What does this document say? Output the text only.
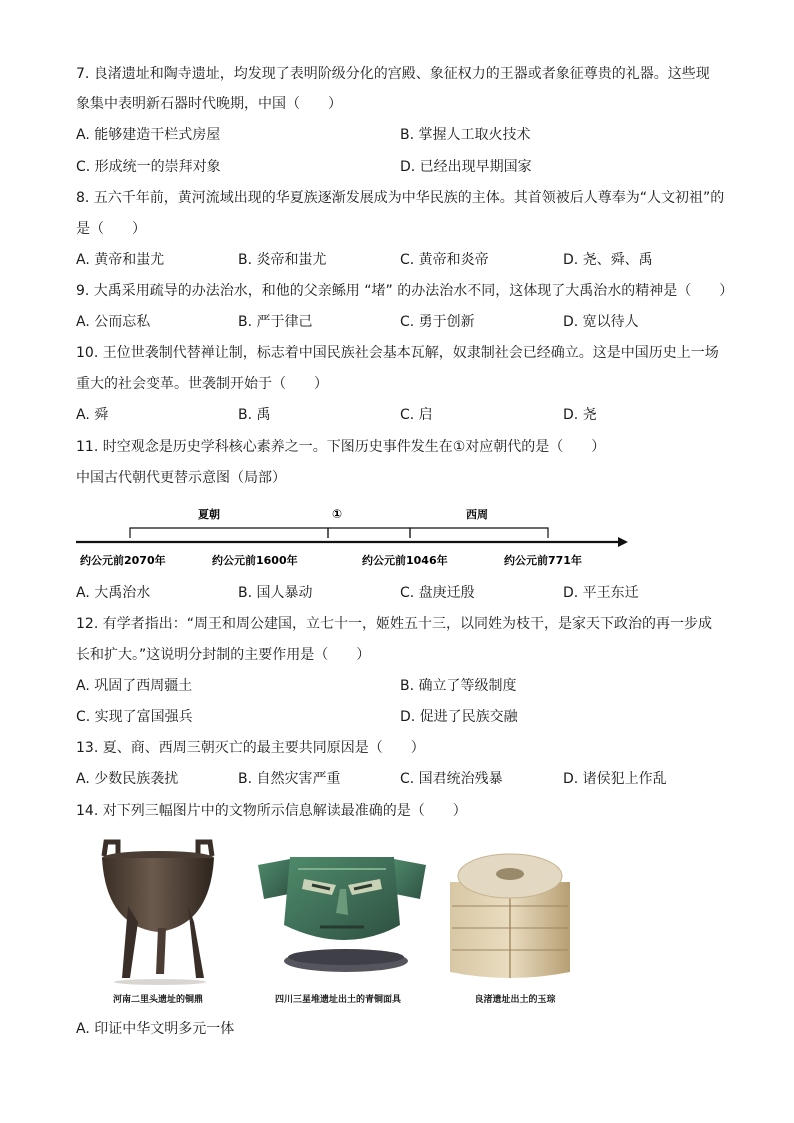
7. 良渚遗址和陶寺遗址，均发现了表明阶级分化的宫殿、象征权力的王器或者象征尊贵的礼器。这些现
象集中表明新石器时代晚期，中国（　　）
A. 能够建造干栏式房屋	B. 掌握人工取火技术
C. 形成统一的崇拜对象	D. 已经出现早期国家
8. 五六千年前，黄河流域出现的华夏族逐渐发展成为中华民族的主体。其首领被后人尊奉为“人文初祖”的
是（　　）
A. 黄帝和蚩尤	B. 炎帝和蚩尤	C. 黄帝和炎帝	D. 尧、舜、禹
9. 大禹采用疏导的办法治水，和他的父亲鲧用 “堵” 的办法治水不同，这体现了大禹治水的精神是（　　）
A. 公而忘私	B. 严于律己	C. 勇于创新	D. 宽以待人
10. 王位世袭制代替禅让制，标志着中国民族社会基本瓦解，奴隶制社会已经确立。这是中国历史上一场
重大的社会变革。世袭制开始于（　　）
A. 舜	B. 禹	C. 启	D. 尧
11. 时空观念是历史学科核心素养之一。下图历史事件发生在①对应朝代的是（　　）
中国古代朝代更替示意图（局部）
夏朝	①	西周
约公元前2070年	约公元前1600年	约公元前1046年	约公元前771年
A. 大禹治水	B. 国人暴动	C. 盘庚迁殷	D. 平王东迁
12. 有学者指出：“周王和周公建国，立七十一，姬姓五十三，以同姓为枝干，是家天下政治的再一步成
长和扩大。”这说明分封制的主要作用是（　　）
A. 巩固了西周疆土	B. 确立了等级制度
C. 实现了富国强兵	D. 促进了民族交融
13. 夏、商、西周三朝灭亡的最主要共同原因是（　　）
A. 少数民族袭扰	B. 自然灾害严重	C. 国君统治残暴	D. 诸侯犯上作乱
14. 对下列三幅图片中的文物所示信息解读最准确的是（　　）
河南二里头遗址的铜鼎	四川三星堆遗址出土的青铜面具	良渚遗址出土的玉琮
A. 印证中华文明多元一体
